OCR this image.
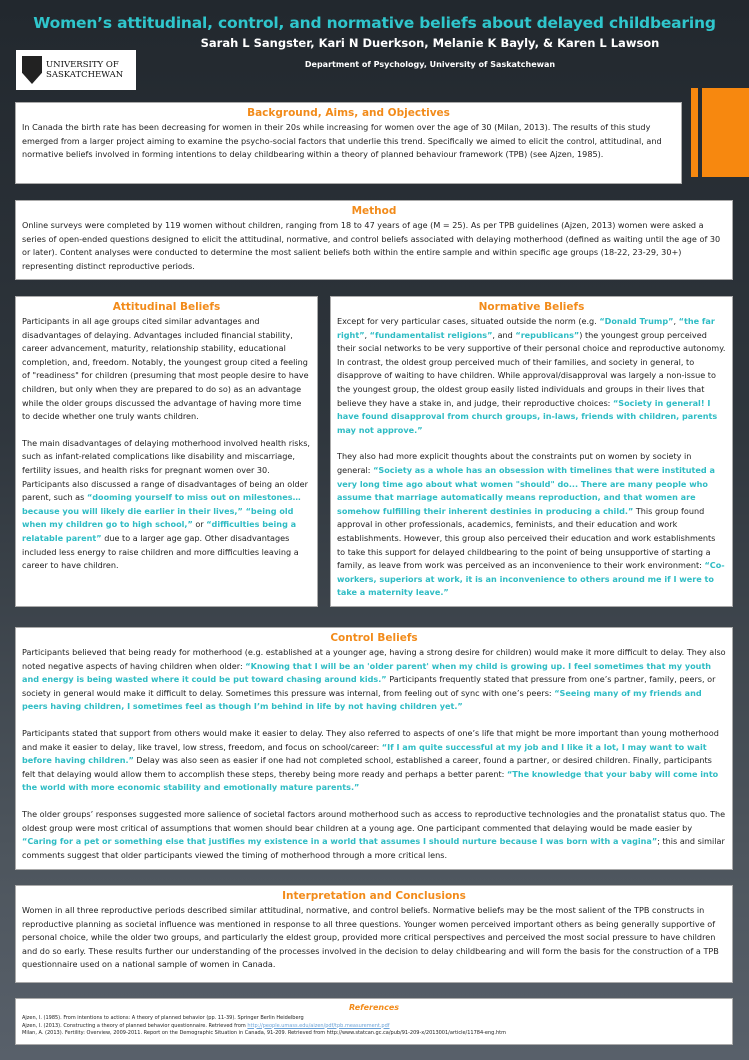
Women’s attitudinal, control, and normative beliefs about delayed childbearing
Sarah L Sangster, Kari N Duerkson, Melanie K Bayly, & Karen L Lawson
Department of Psychology, University of Saskatchewan
UNIVERSITY OF
SASKATCHEWAN
Background, Aims, and Objectives

In Canada the birth rate has been decreasing for women in their 20s while increasing for women over the age of 30 (Milan, 2013). The results of this study emerged from a larger project aiming to examine the psycho-social factors that underlie this trend. Specifically we aimed to elicit the control, attitudinal, and normative beliefs involved in forming intentions to delay childbearing within a theory of planned behaviour framework (TPB) (see Ajzen, 1985).

Method

Online surveys were completed by 119 women without children, ranging from 18 to 47 years of age (M = 25). As per TPB guidelines (Ajzen, 2013) women were asked a series of open-ended questions designed to elicit the attitudinal, normative, and control beliefs associated with delaying motherhood (defined as waiting until the age of 30 or later). Content analyses were conducted to determine the most salient beliefs both within the entire sample and within specific age groups (18-22, 23-29, 30+) representing distinct reproductive periods.

Attitudinal Beliefs

Participants in all age groups cited similar advantages and disadvantages of delaying. Advantages included financial stability, career advancement, maturity, relationship stability, educational completion, and, freedom. Notably, the youngest group cited a feeling of "readiness" for children (presuming that most people desire to have children, but only when they are prepared to do so) as an advantage while the older groups discussed the advantage of having more time to decide whether one truly wants children.

The main disadvantages of delaying motherhood involved health risks, such as infant-related complications like disability and miscarriage, fertility issues, and health risks for pregnant women over 30. Participants also discussed a range of disadvantages of being an older parent, such as “dooming yourself to miss out on milestones… because you will likely die earlier in their lives,” “being old when my children go to high school,” or “difficulties being a relatable parent” due to a larger age gap. Other disadvantages included less energy to raise children and more difficulties leaving a career to have children.

Normative Beliefs

Except for very particular cases, situated outside the norm (e.g. “Donald Trump”, “the far right”, “fundamentalist religions”, and “republicans”) the youngest group perceived their social networks to be very supportive of their personal choice and reproductive autonomy. In contrast, the oldest group perceived much of their families, and society in general, to disapprove of waiting to have children. While approval/disapproval was largely a non-issue to the youngest group, the oldest group easily listed individuals and groups in their lives that believe they have a stake in, and judge, their reproductive choices: “Society in general! I have found disapproval from church groups, in-laws, friends with children, parents may not approve.”

They also had more explicit thoughts about the constraints put on women by society in general: “Society as a whole has an obsession with timelines that were instituted a very long time ago about what women "should" do... There are many people who assume that marriage automatically means reproduction, and that women are somehow fulfilling their inherent destinies in producing a child.” This group found approval in other professionals, academics, feminists, and their education and work establishments. However, this group also perceived their education and work establishments to take this support for delayed childbearing to the point of being unsupportive of starting a family, as leave from work was perceived as an inconvenience to their work environment: “Co-workers, superiors at work, it is an inconvenience to others around me if I were to take a maternity leave.”

Control Beliefs

Participants believed that being ready for motherhood (e.g. established at a younger age, having a strong desire for children) would make it more difficult to delay. They also noted negative aspects of having children when older: “Knowing that I will be an 'older parent' when my child is growing up. I feel sometimes that my youth and energy is being wasted where it could be put toward chasing around kids.” Participants frequently stated that pressure from one’s partner, family, peers, or society in general would make it difficult to delay. Sometimes this pressure was internal, from feeling out of sync with one’s peers: “Seeing many of my friends and peers having children, I sometimes feel as though I’m behind in life by not having children yet.”

Participants stated that support from others would make it easier to delay. They also referred to aspects of one’s life that might be more important than young motherhood and make it easier to delay, like travel, low stress, freedom, and focus on school/career: “If I am quite successful at my job and I like it a lot, I may want to wait before having children.” Delay was also seen as easier if one had not completed school, established a career, found a partner, or desired children. Finally, participants felt that delaying would allow them to accomplish these steps, thereby being more ready and perhaps a better parent: “The knowledge that your baby will come into the world with more economic stability and emotionally mature parents.”

The older groups’ responses suggested more salience of societal factors around motherhood such as access to reproductive technologies and the pronatalist status quo. The oldest group were most critical of assumptions that women should bear children at a young age. One participant commented that delaying would be made easier by “Caring for a pet or something else that justifies my existence in a world that assumes I should nurture because I was born with a vagina”; this and similar comments suggest that older participants viewed the timing of motherhood through a more critical lens.

Interpretation and Conclusions

Women in all three reproductive periods described similar attitudinal, normative, and control beliefs. Normative beliefs may be the most salient of the TPB constructs in reproductive planning as societal influence was mentioned in response to all three questions. Younger women perceived important others as being generally supportive of personal choice, while the older two groups, and particularly the eldest group, provided more critical perspectives and perceived the most social pressure to have children and do so early. These results further our understanding of the processes involved in the decision to delay childbearing and will form the basis for the construction of a TPB questionnaire used on a national sample of women in Canada.

References
Ajzen, I. (1985). From intentions to actions: A theory of planned behavior (pp. 11-39). Springer Berlin Heidelberg
Ajzen, I. (2013). Constructing a theory of planned behavior questionnaire. Retrieved from http://people.umass.edu/aizen/pdf/tpb.measurement.pdf
Milan, A. (2013). Fertility: Overview, 2009-2011. Report on the Demographic Situation in Canada, 91-209. Retrieved from http://www.statcan.gc.ca/pub/91-209-x/2013001/article/11784-eng.htm
